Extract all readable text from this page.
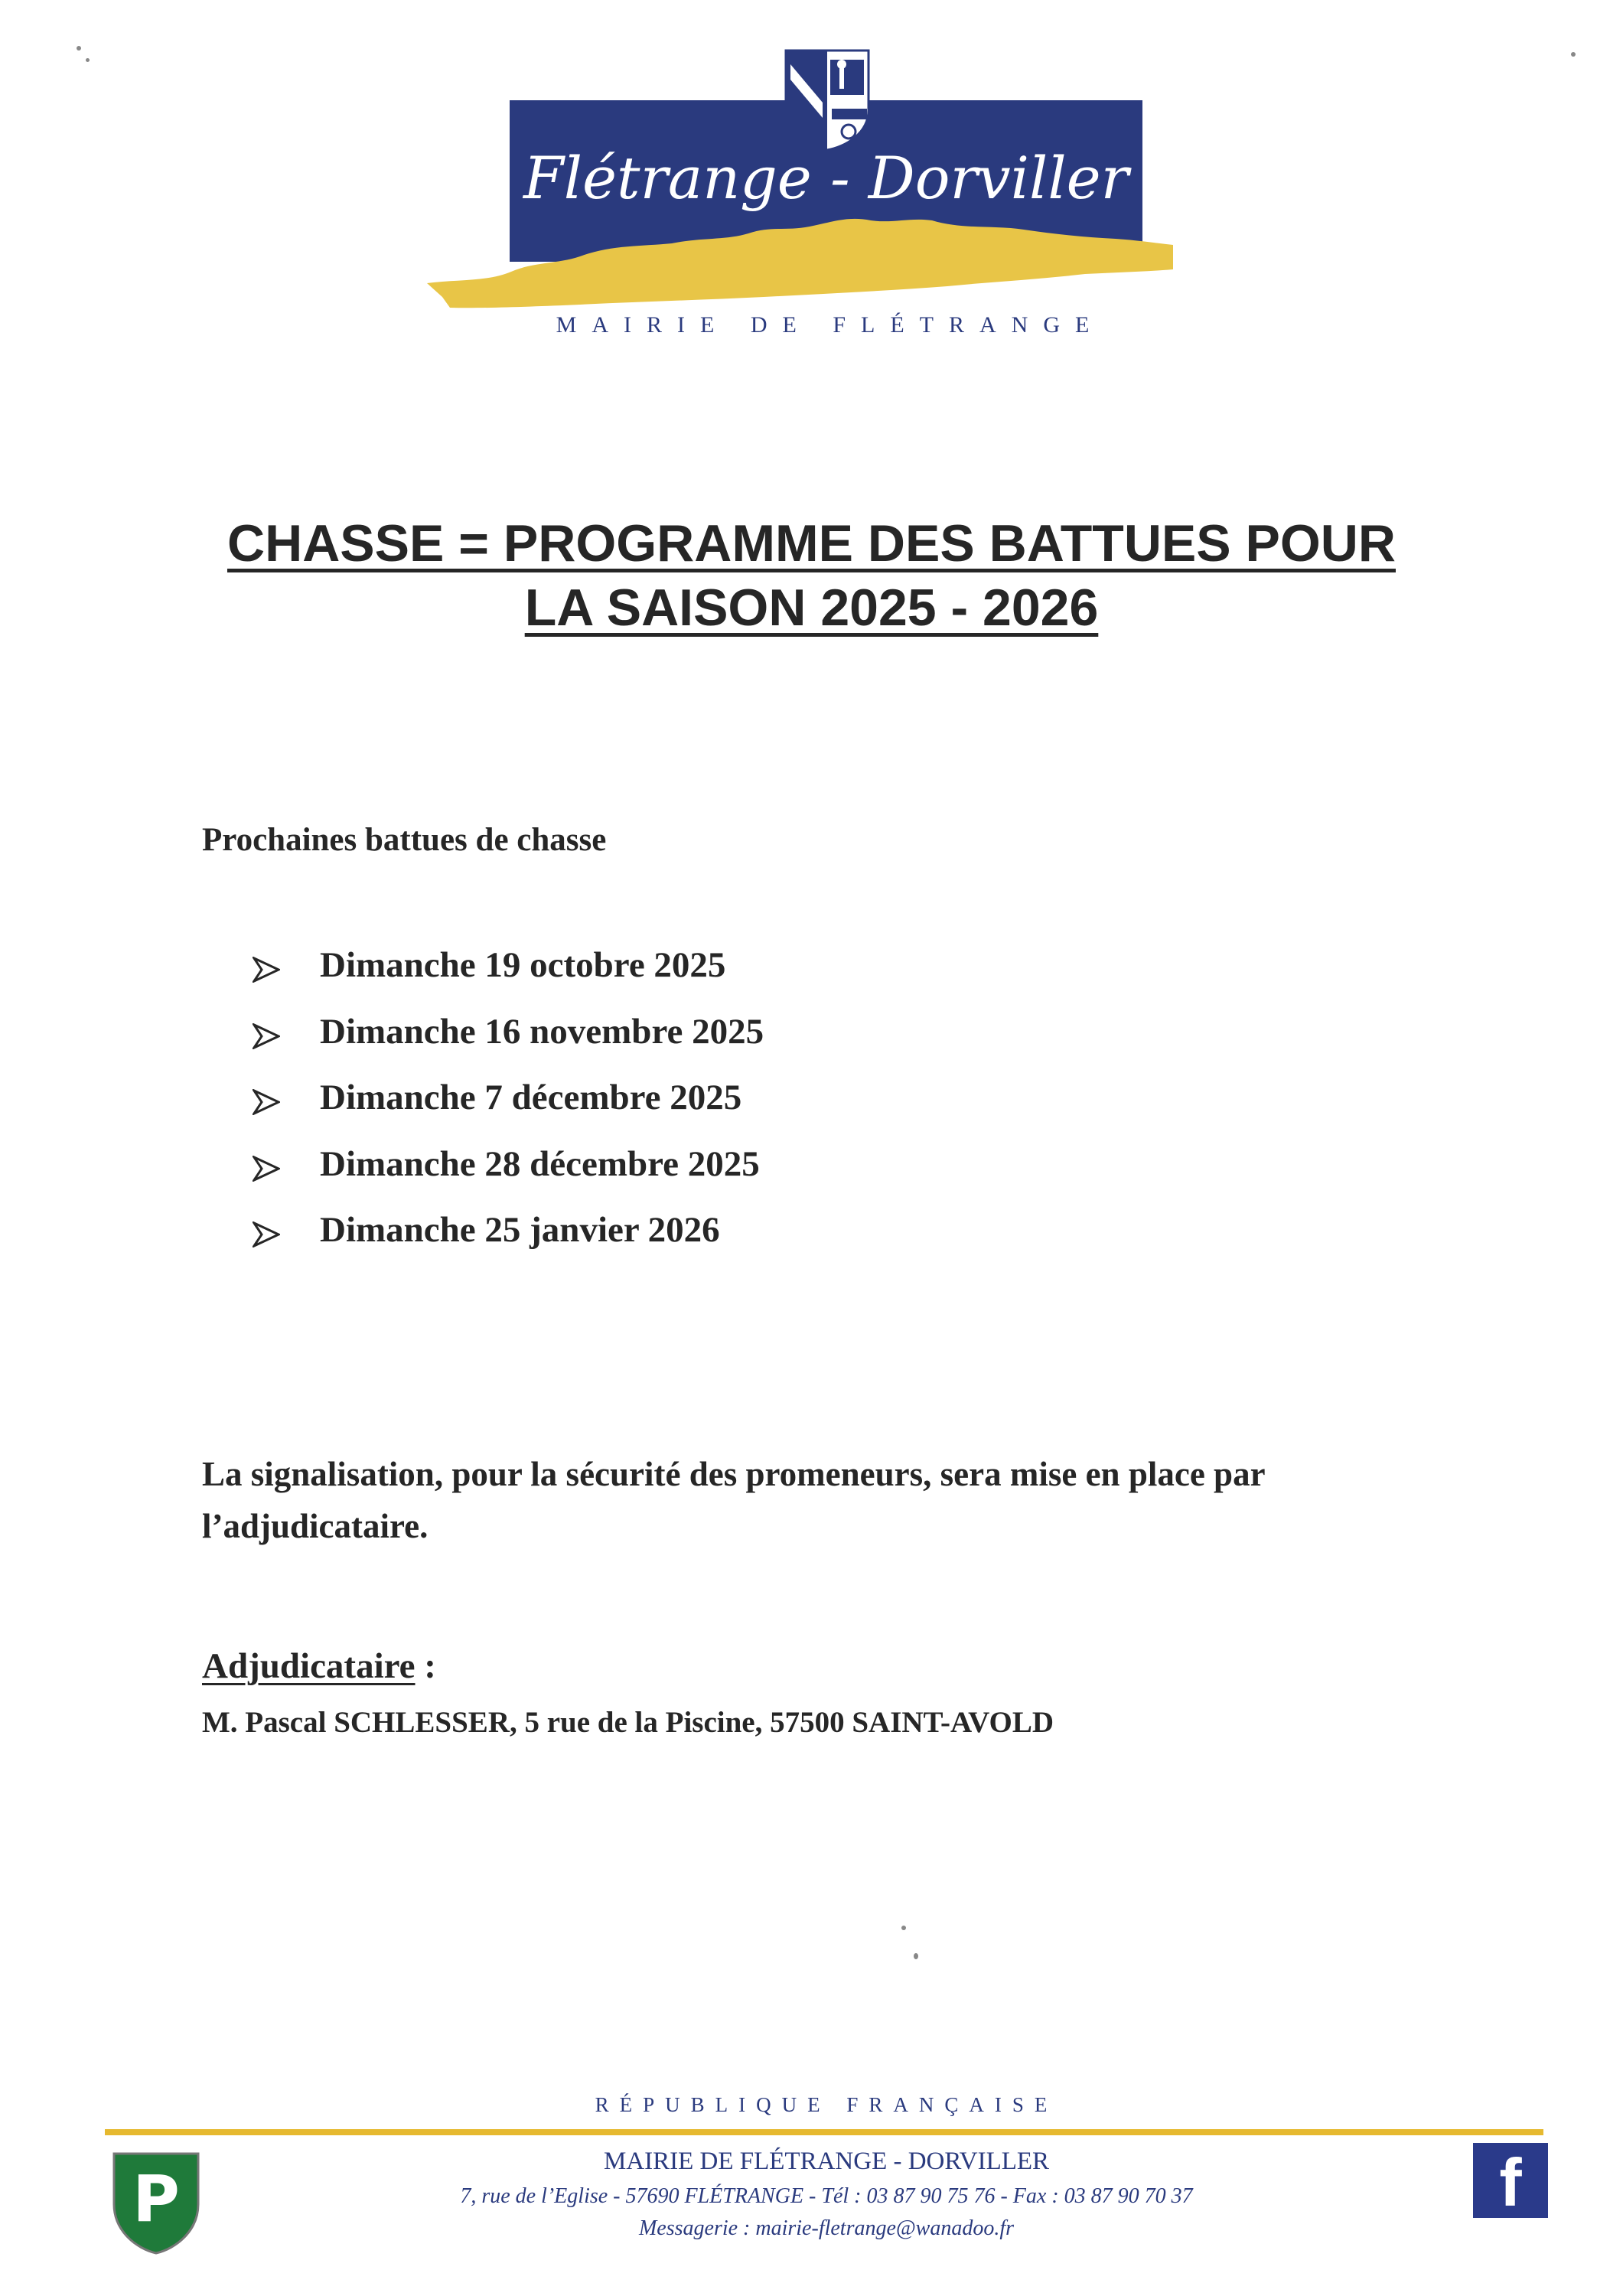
Flétrange - Dorviller
MAIRIE DE FLÉTRANGE
CHASSE = PROGRAMME DES BATTUES POUR
LA SAISON 2025 - 2026
Prochaines battues de chasse
Dimanche 19 octobre 2025
Dimanche 16 novembre 2025
Dimanche 7 décembre 2025
Dimanche 28 décembre 2025
Dimanche 25 janvier 2026
La signalisation, pour la sécurité des promeneurs, sera mise en place par l’adjudicataire.
Adjudicataire :
M. Pascal SCHLESSER, 5 rue de la Piscine, 57500 SAINT-AVOLD
RÉPUBLIQUE FRANÇAISE
P	MAIRIE DE FLÉTRANGE - DORVILLER
7, rue de l’Eglise - 57690 FLÉTRANGE - Tél : 03 87 90 75 76 - Fax : 03 87 90 70 37
Messagerie : mairie-fletrange@wanadoo.fr
f
